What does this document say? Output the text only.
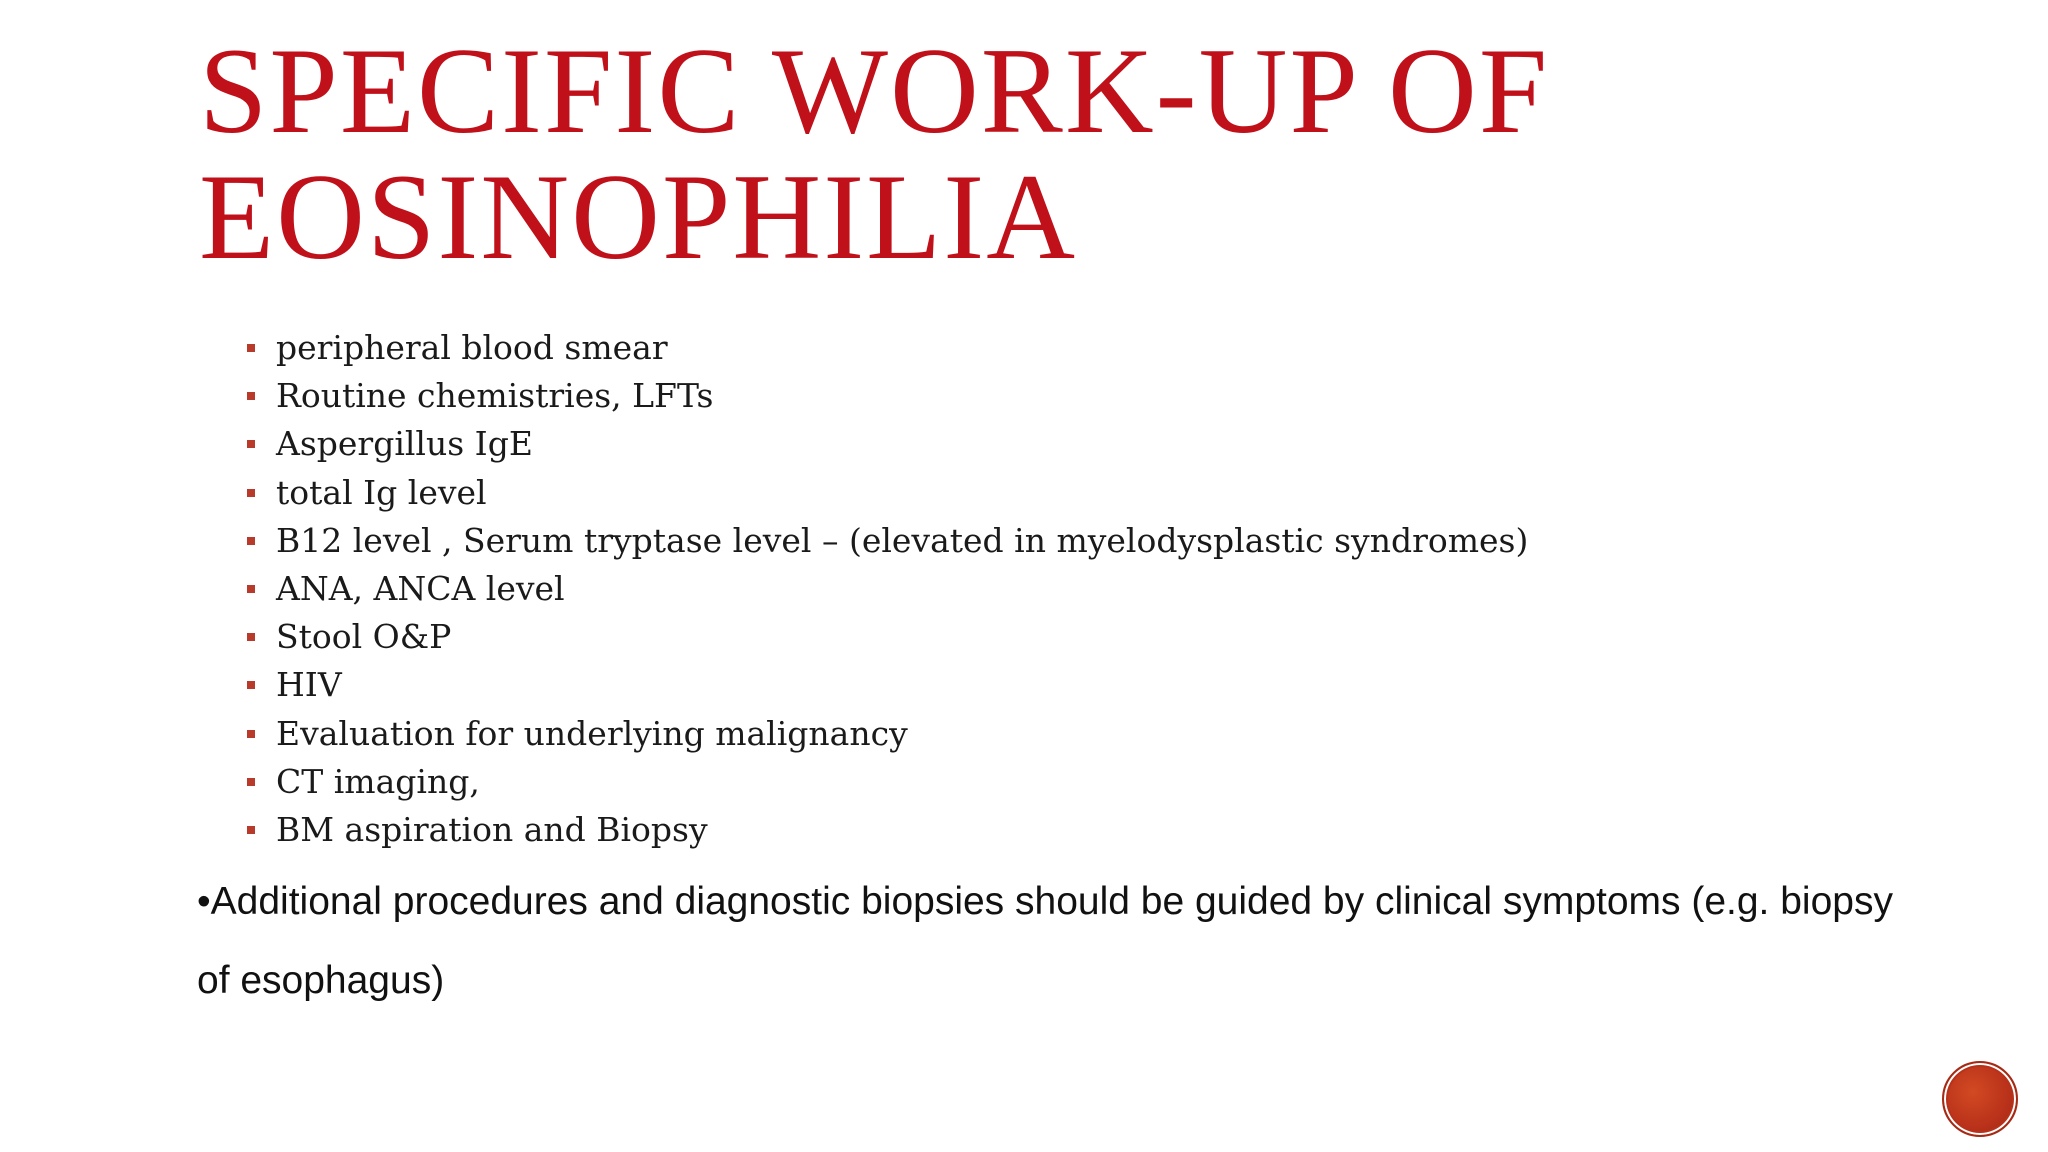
SPECIFIC WORK-UP OF
EOSINOPHILIA
peripheral blood smear
Routine chemistries, LFTs
Aspergillus IgE
total Ig level
B12 level , Serum tryptase level – (elevated in myelodysplastic syndromes)
ANA, ANCA level
Stool O&P
HIV
Evaluation for underlying malignancy
CT imaging,
BM aspiration and Biopsy

•Additional procedures and diagnostic biopsies should be guided by clinical symptoms (e.g. biopsy of esophagus)
